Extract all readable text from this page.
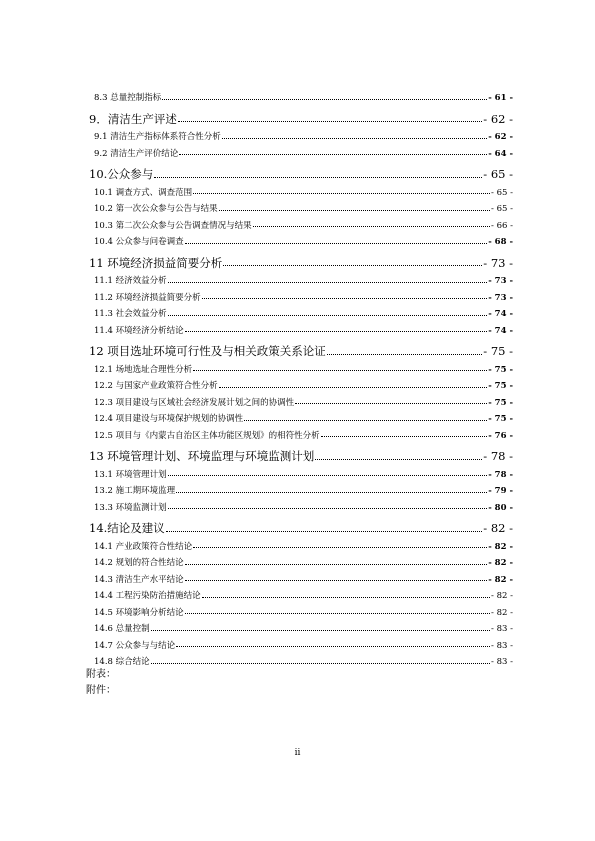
8.3 总量控制指标	- 61 -
9．清洁生产评述	- 62 -
9.1 清洁生产指标体系符合性分析	- 62 -
9.2 清洁生产评价结论	- 64 -
10.公众参与	- 65 -
10.1 调查方式、调查范围	- 65 -
10.2 第一次公众参与公告与结果	- 65 -
10.3 第二次公众参与公告调查情况与结果	- 66 -
10.4 公众参与问卷调查	- 68 -
11 环境经济损益简要分析	- 73 -
11.1 经济效益分析	- 73 -
11.2 环境经济损益简要分析	- 73 -
11.3 社会效益分析	- 74 -
11.4 环境经济分析结论	- 74 -
12 项目选址环境可行性及与相关政策关系论证	- 75 -
12.1 场地选址合理性分析	- 75 -
12.2 与国家产业政策符合性分析	- 75 -
12.3 项目建设与区域社会经济发展计划之间的协调性	- 75 -
12.4 项目建设与环境保护规划的协调性	- 75 -
12.5 项目与《内蒙古自治区主体功能区规划》的相符性分析	- 76 -
13 环境管理计划、环境监理与环境监测计划	- 78 -
13.1 环境管理计划	- 78 -
13.2 施工期环境监理	- 79 -
13.3 环境监测计划	- 80 -
14.结论及建议	- 82 -
14.1 产业政策符合性结论	- 82 -
14.2 规划的符合性结论	- 82 -
14.3 清洁生产水平结论	- 82 -
14.4 工程污染防治措施结论	- 82 -
14.5 环境影响分析结论	- 82 -
14.6 总量控制	- 83 -
14.7 公众参与与结论	- 83 -
14.8 综合结论	- 83 -
附表：
附件：
ii
